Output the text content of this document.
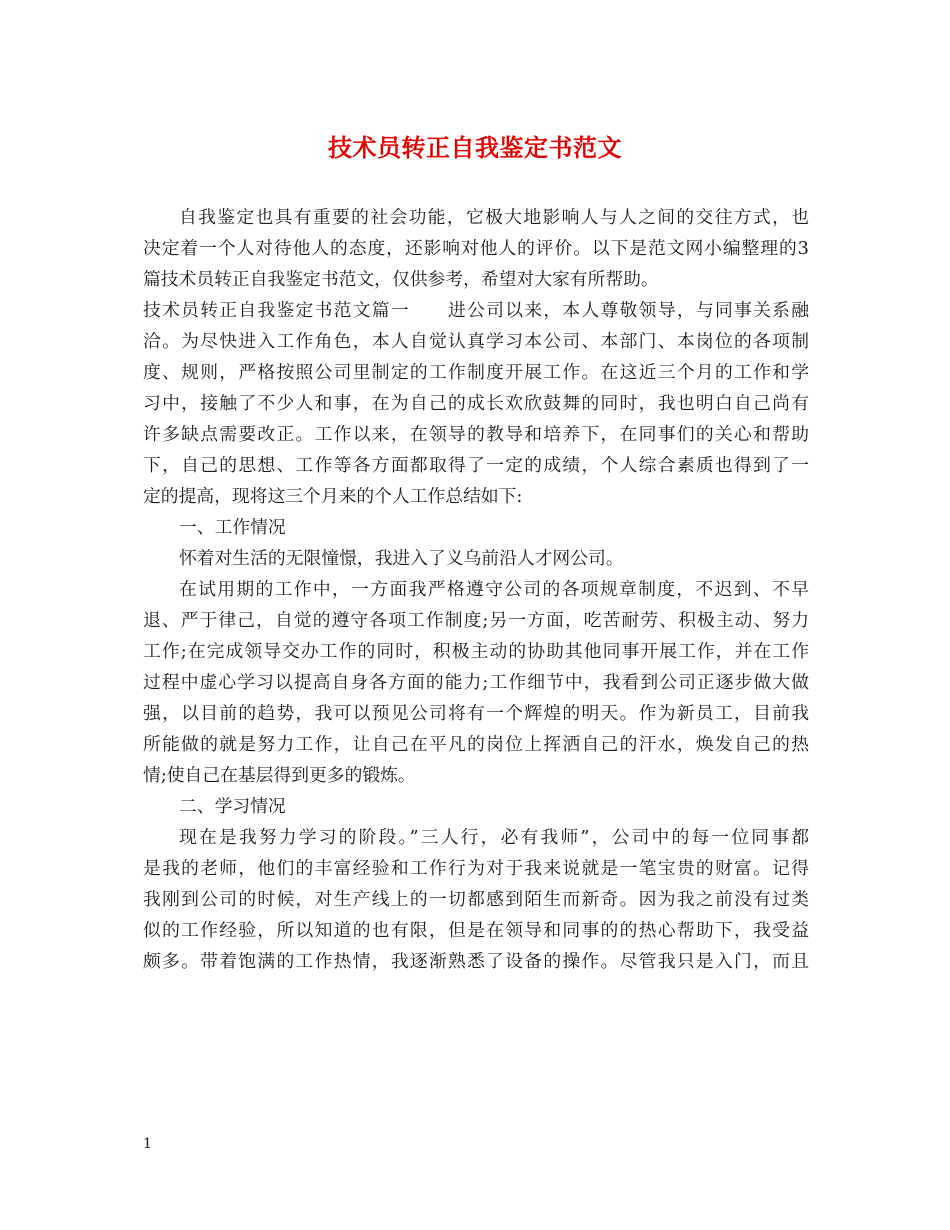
技术员转正自我鉴定书范文

自我鉴定也具有重要的社会功能，它极大地影响人与人之间的交往方式，也
决定着一个人对待他人的态度，还影响对他人的评价。以下是范文网小编整理的3
篇技术员转正自我鉴定书范文，仅供参考，希望对大家有所帮助。

技术员转正自我鉴定书范文篇一　　进公司以来，本人尊敬领导，与同事关系融
洽。为尽快进入工作角色，本人自觉认真学习本公司、本部门、本岗位的各项制
度、规则，严格按照公司里制定的工作制度开展工作。在这近三个月的工作和学
习中，接触了不少人和事，在为自己的成长欢欣鼓舞的同时，我也明白自己尚有
许多缺点需要改正。工作以来，在领导的教导和培养下，在同事们的关心和帮助
下，自己的思想、工作等各方面都取得了一定的成绩，个人综合素质也得到了一
定的提高，现将这三个月来的个人工作总结如下:

一、工作情况

怀着对生活的无限憧憬，我进入了义乌前沿人才网公司。

在试用期的工作中，一方面我严格遵守公司的各项规章制度，不迟到、不早
退、严于律己，自觉的遵守各项工作制度;另一方面，吃苦耐劳、积极主动、努力
工作;在完成领导交办工作的同时，积极主动的协助其他同事开展工作，并在工作
过程中虚心学习以提高自身各方面的能力;工作细节中，我看到公司正逐步做大做
强，以目前的趋势，我可以预见公司将有一个辉煌的明天。作为新员工，目前我
所能做的就是努力工作，让自己在平凡的岗位上挥洒自己的汗水，焕发自己的热
情;使自己在基层得到更多的锻炼。

二、学习情况

现在是我努力学习的阶段。”三人行，必有我师”，公司中的每一位同事都
是我的老师，他们的丰富经验和工作行为对于我来说就是一笔宝贵的财富。记得
我刚到公司的时候，对生产线上的一切都感到陌生而新奇。因为我之前没有过类
似的工作经验，所以知道的也有限，但是在领导和同事的的热心帮助下，我受益
颇多。带着饱满的工作热情，我逐渐熟悉了设备的操作。尽管我只是入门，而且

1
